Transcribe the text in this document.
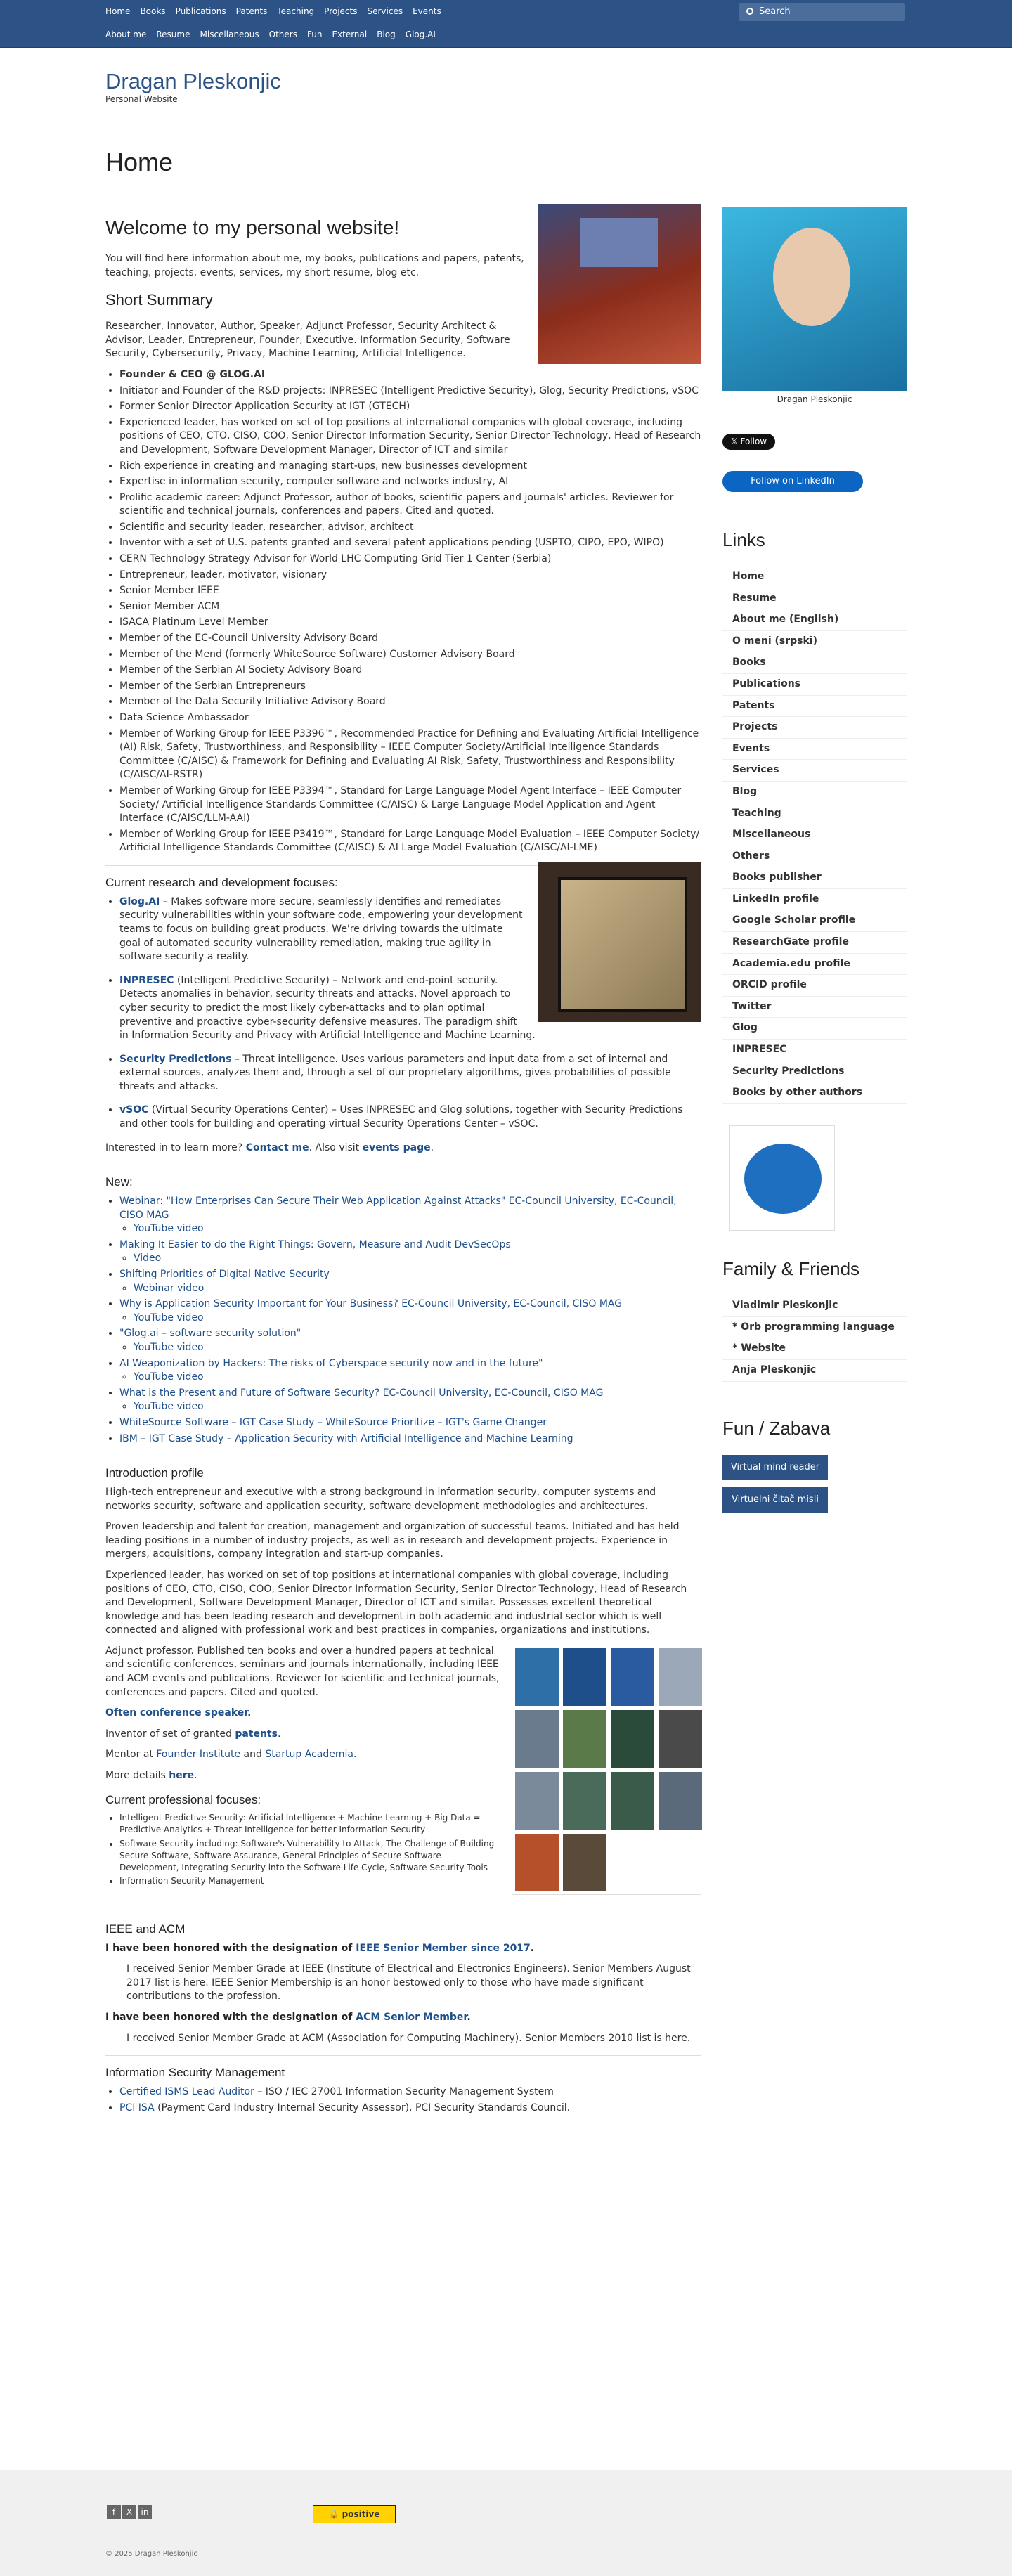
Home Books Publications Patents Teaching Projects Services Events
About me Resume Miscellaneous Others Fun External Blog Glog.AI
Search
Dragan Pleskonjic
Personal Website
Home
Welcome to my personal website!

You will find here information about me, my books, publications and papers, patents, teaching, projects, events, services, my short resume, blog etc.

Short Summary

Researcher, Innovator, Author, Speaker, Adjunct Professor, Security Architect & Advisor, Leader, Entrepreneur, Founder, Executive. Information Security, Software Security, Cybersecurity, Privacy, Machine Learning, Artificial Intelligence.

• Founder & CEO @ GLOG.AI
• Initiator and Founder of the R&D projects: INPRESEC (Intelligent Predictive Security), Glog, Security Predictions, vSOC
• Former Senior Director Application Security at IGT (GTECH)
• Experienced leader, has worked on set of top positions at international companies with global coverage, including positions of CEO, CTO, CISO, COO, Senior Director Information Security, Senior Director Technology, Head of Research and Development, Software Development Manager, Director of ICT and similar
• Rich experience in creating and managing start-ups, new businesses development
• Expertise in information security, computer software and networks industry, AI
• Prolific academic career: Adjunct Professor, author of books, scientific papers and journals' articles. Reviewer for scientific and technical journals, conferences and papers. Cited and quoted.
• Scientific and security leader, researcher, advisor, architect
• Inventor with a set of U.S. patents granted and several patent applications pending (USPTO, CIPO, EPO, WIPO)
• CERN Technology Strategy Advisor for World LHC Computing Grid Tier 1 Center (Serbia)
• Entrepreneur, leader, motivator, visionary
• Senior Member IEEE
• Senior Member ACM
• ISACA Platinum Level Member
• Member of the EC-Council University Advisory Board
• Member of the Mend (formerly WhiteSource Software) Customer Advisory Board
• Member of the Serbian AI Society Advisory Board
• Member of the Serbian Entrepreneurs
• Member of the Data Security Initiative Advisory Board
• Data Science Ambassador
• Member of Working Group for IEEE P3396™, Recommended Practice for Defining and Evaluating Artificial Intelligence (AI) Risk, Safety, Trustworthiness, and Responsibility – IEEE Computer Society/Artificial Intelligence Standards Committee (C/AISC) & Framework for Defining and Evaluating AI Risk, Safety, Trustworthiness and Responsibility (C/AISC/AI-RSTR)
• Member of Working Group for IEEE P3394™, Standard for Large Language Model Agent Interface – IEEE Computer Society/ Artificial Intelligence Standards Committee (C/AISC) & Large Language Model Application and Agent Interface (C/AISC/LLM-AAI)
• Member of Working Group for IEEE P3419™, Standard for Large Language Model Evaluation – IEEE Computer Society/ Artificial Intelligence Standards Committee (C/AISC) & AI Large Model Evaluation (C/AISC/AI-LME)
Current research and development focuses:
• Glog.AI – Makes software more secure, seamlessly identifies and remediates security vulnerabilities within your software code, empowering your development teams to focus on building great products. We're driving towards the ultimate goal of automated security vulnerability remediation, making true agility in software security a reality.
• INPRESEC (Intelligent Predictive Security) – Network and end-point security. Detects anomalies in behavior, security threats and attacks. Novel approach to cyber security to predict the most likely cyber-attacks and to plan optimal preventive and proactive cyber-security defensive measures. The paradigm shift in Information Security and Privacy with Artificial Intelligence and Machine Learning.
• Security Predictions – Threat intelligence. Uses various parameters and input data from a set of internal and external sources, analyzes them and, through a set of our proprietary algorithms, gives probabilities of possible threats and attacks.
• vSOC (Virtual Security Operations Center) – Uses INPRESEC and Glog solutions, together with Security Predictions and other tools for building and operating virtual Security Operations Center – vSOC.

Interested in to learn more? Contact me. Also visit events page.

New:
• Webinar: "How Enterprises Can Secure Their Web Application Against Attacks" EC-Council University, EC-Council, CISO MAG
◦ YouTube video
• Making It Easier to do the Right Things: Govern, Measure and Audit DevSecOps
◦ Video
• Shifting Priorities of Digital Native Security
◦ Webinar video
• Why is Application Security Important for Your Business? EC-Council University, EC-Council, CISO MAG
◦ YouTube video
• "Glog.ai – software security solution"
◦ YouTube video
• AI Weaponization by Hackers: The risks of Cyberspace security now and in the future"
◦ YouTube video
• What is the Present and Future of Software Security? EC-Council University, EC-Council, CISO MAG
◦ YouTube video
• WhiteSource Software – IGT Case Study – WhiteSource Prioritize – IGT's Game Changer
• IBM – IGT Case Study – Application Security with Artificial Intelligence and Machine Learning
Introduction profile

High-tech entrepreneur and executive with a strong background in information security, computer systems and networks security, software and application security, software development methodologies and architectures.

Proven leadership and talent for creation, management and organization of successful teams. Initiated and has held leading positions in a number of industry projects, as well as in research and development projects. Experience in mergers, acquisitions, company integration and start-up companies.

Experienced leader, has worked on set of top positions at international companies with global coverage, including positions of CEO, CTO, CISO, COO, Senior Director Information Security, Senior Director Technology, Head of Research and Development, Software Development Manager, Director of ICT and similar. Possesses excellent theoretical knowledge and has been leading research and development in both academic and industrial sector which is well connected and aligned with professional work and best practices in companies, organizations and institutions.

Adjunct professor. Published ten books and over a hundred papers at technical and scientific conferences, seminars and journals internationally, including IEEE and ACM events and publications. Reviewer for scientific and technical journals, conferences and papers. Cited and quoted.

Often conference speaker.

Inventor of set of granted patents.

Mentor at Founder Institute and Startup Academia.

More details here.

Current professional focuses:
• Intelligent Predictive Security: Artificial Intelligence + Machine Learning + Big Data = Predictive Analytics + Threat Intelligence for better Information Security
• Software Security including: Software's Vulnerability to Attack, The Challenge of Building Secure Software, Software Assurance, General Principles of Secure Software Development, Integrating Security into the Software Life Cycle, Software Security Tools
• Information Security Management
IEEE and ACM

I have been honored with the designation of IEEE Senior Member since 2017.

I received Senior Member Grade at IEEE (Institute of Electrical and Electronics Engineers). Senior Members August 2017 list is here. IEEE Senior Membership is an honor bestowed only to those who have made significant contributions to the profession.

I have been honored with the designation of ACM Senior Member.

I received Senior Member Grade at ACM (Association for Computing Machinery). Senior Members 2010 list is here.

Information Security Management
• Certified ISMS Lead Auditor – ISO / IEC 27001 Information Security Management System
• PCI ISA (Payment Card Industry Internal Security Assessor), PCI Security Standards Council.
Dragan Pleskonjic
𝕏 Follow
Follow on LinkedIn
Links
Home
Resume
About me (English)
O meni (srpski)
Books
Publications
Patents
Projects
Events
Services
Blog
Teaching
Miscellaneous
Others
Books publisher
LinkedIn profile
Google Scholar profile
ResearchGate profile
Academia.edu profile
ORCID profile
Twitter
Glog
INPRESEC
Security Predictions
Books by other authors
Family & Friends
Vladimir Pleskonjic
* Orb programming language
* Website
Anja Pleskonjic
Fun / Zabava
Virtual mind reader
Virtuelni čitač misli
f X in	🔒 positive
© 2025 Dragan Pleskonjic
